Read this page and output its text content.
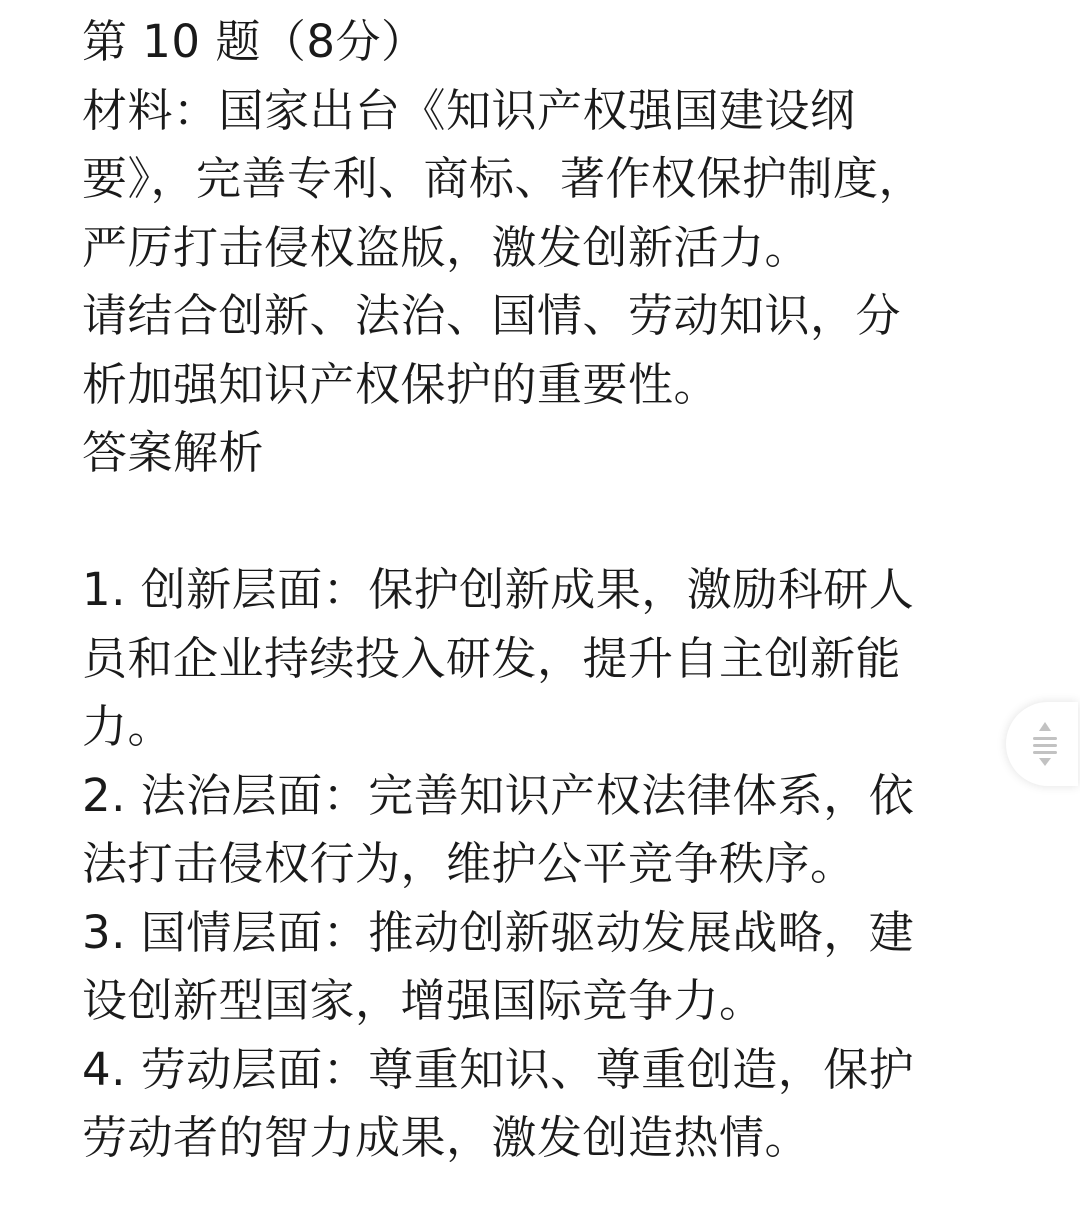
第 10 题（8分）
材料：国家出台《知识产权强国建设纲
要》，完善专利、商标、著作权保护制度，
严厉打击侵权盗版，激发创新活力。
请结合创新、法治、国情、劳动知识，分
析加强知识产权保护的重要性。
答案解析
1. 创新层面：保护创新成果，激励科研人
员和企业持续投入研发，提升自主创新能
力。
2. 法治层面：完善知识产权法律体系，依
法打击侵权行为，维护公平竞争秩序。
3. 国情层面：推动创新驱动发展战略，建
设创新型国家，增强国际竞争力。
4. 劳动层面：尊重知识、尊重创造，保护
劳动者的智力成果，激发创造热情。
